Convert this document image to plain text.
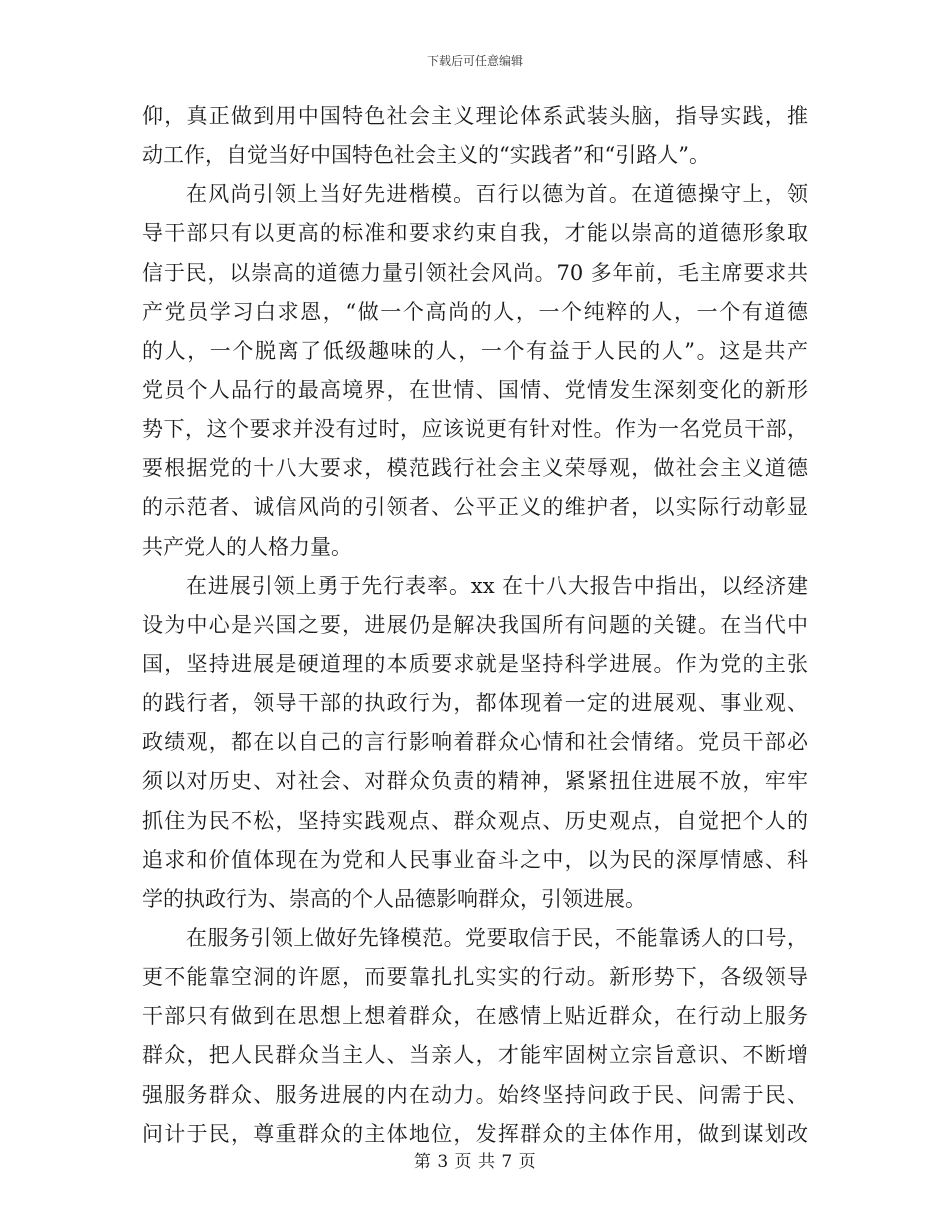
下载后可任意编辑
仰，真正做到用中国特色社会主义理论体系武装头脑，指导实践，推
动工作，自觉当好中国特色社会主义的“实践者”和“引路人”。
在风尚引领上当好先进楷模。百行以德为首。在道德操守上，领
导干部只有以更高的标准和要求约束自我，才能以崇高的道德形象取
信于民，以崇高的道德力量引领社会风尚。70 多年前，毛主席要求共
产党员学习白求恩，“做一个高尚的人，一个纯粹的人，一个有道德
的人，一个脱离了低级趣味的人，一个有益于人民的人”。这是共产
党员个人品行的最高境界，在世情、国情、党情发生深刻变化的新形
势下，这个要求并没有过时，应该说更有针对性。作为一名党员干部，
要根据党的十八大要求，模范践行社会主义荣辱观，做社会主义道德
的示范者、诚信风尚的引领者、公平正义的维护者，以实际行动彰显
共产党人的人格力量。
在进展引领上勇于先行表率。xx 在十八大报告中指出，以经济建
设为中心是兴国之要，进展仍是解决我国所有问题的关键。在当代中
国，坚持进展是硬道理的本质要求就是坚持科学进展。作为党的主张
的践行者，领导干部的执政行为，都体现着一定的进展观、事业观、
政绩观，都在以自己的言行影响着群众心情和社会情绪。党员干部必
须以对历史、对社会、对群众负责的精神，紧紧扭住进展不放，牢牢
抓住为民不松，坚持实践观点、群众观点、历史观点，自觉把个人的
追求和价值体现在为党和人民事业奋斗之中，以为民的深厚情感、科
学的执政行为、崇高的个人品德影响群众，引领进展。
在服务引领上做好先锋模范。党要取信于民，不能靠诱人的口号，
更不能靠空洞的许愿，而要靠扎扎实实的行动。新形势下，各级领导
干部只有做到在思想上想着群众，在感情上贴近群众，在行动上服务
群众，把人民群众当主人、当亲人，才能牢固树立宗旨意识、不断增
强服务群众、服务进展的内在动力。始终坚持问政于民、问需于民、
问计于民，尊重群众的主体地位，发挥群众的主体作用，做到谋划改
第 3 页 共 7 页
